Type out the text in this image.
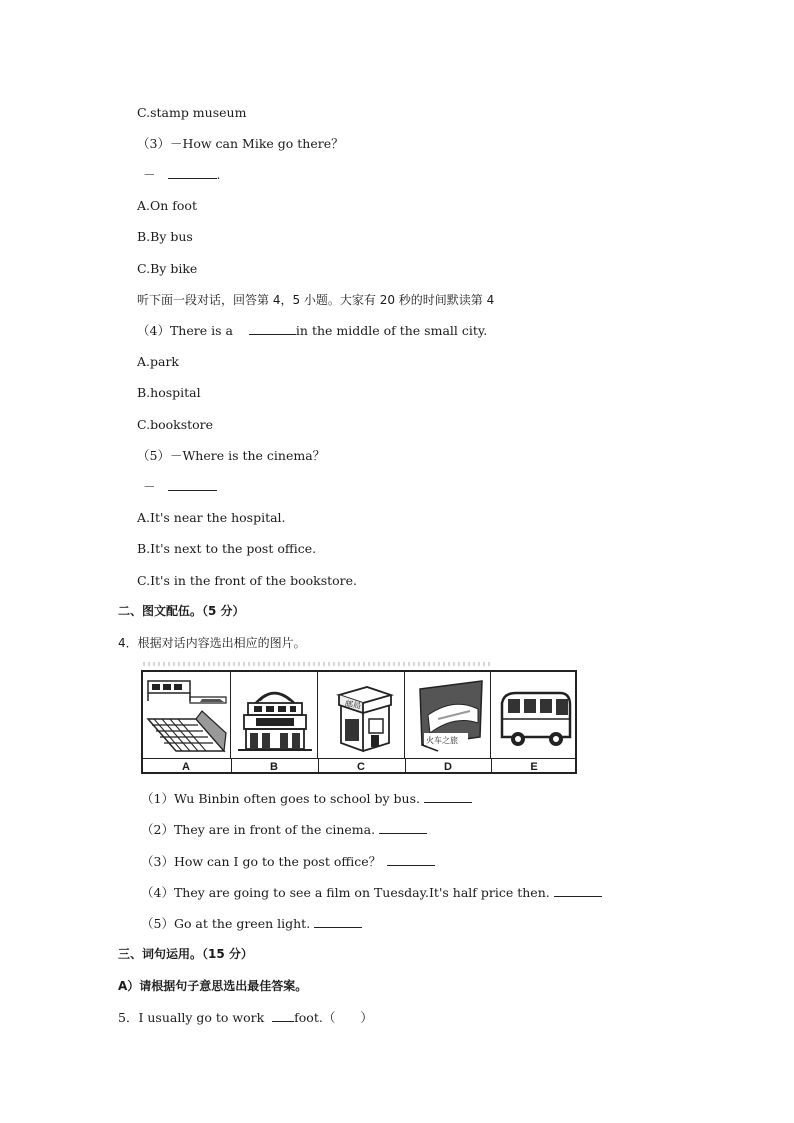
C.stamp museum
（3）－How can Mike go there？
－	.
A.On foot
B.By bus
C.By bike
听下面一段对话，回答第 4，5 小题。大家有 20 秒的时间默读第 4
（4）There is a	in the middle of the small city.
A.park
B.hospital
C.bookstore
（5）－Where is the cinema？
－
A.It's near the hospital.
B.It's next to the post office.
C.It's in the front of the bookstore.
二、图文配伍。（5 分）
4．根据对话内容选出相应的图片。
邮局
火车之旅
A	B	C	D	E
（1）Wu Binbin often goes to school by bus.
（2）They are in front of the cinema.
（3）How can I go to the post office？
（4）They are going to see a film on Tuesday.It's half price then.
（5）Go at the green light.
三、词句运用。（15 分）
A）请根据句子意思选出最佳答案。
5．I usually go to work foot.（　　）
